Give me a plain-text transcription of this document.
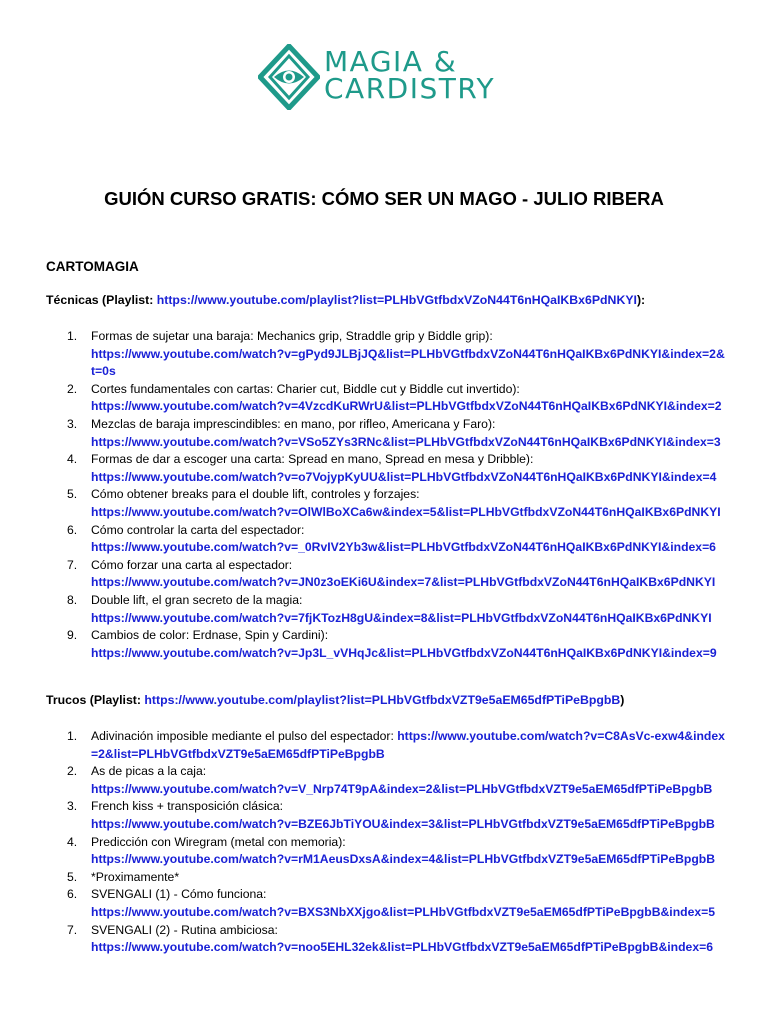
MAGIA &
CARDISTRY
GUIÓN CURSO GRATIS: CÓMO SER UN MAGO - JULIO RIBERA
CARTOMAGIA
Técnicas (Playlist: https://www.youtube.com/playlist?list=PLHbVGtfbdxVZoN44T6nHQaIKBx6PdNKYI):
1. Formas de sujetar una baraja: Mechanics grip, Straddle grip y Biddle grip):
https://www.youtube.com/watch?v=gPyd9JLBjJQ&list=PLHbVGtfbdxVZoN44T6nHQaIKBx6PdNKYI&index=2&t=0s
2. Cortes fundamentales con cartas: Charier cut, Biddle cut y Biddle cut invertido):
https://www.youtube.com/watch?v=4VzcdKuRWrU&list=PLHbVGtfbdxVZoN44T6nHQaIKBx6PdNKYI&index=2
3. Mezclas de baraja imprescindibles: en mano, por rifleo, Americana y Faro):
https://www.youtube.com/watch?v=VSo5ZYs3RNc&list=PLHbVGtfbdxVZoN44T6nHQaIKBx6PdNKYI&index=3
4. Formas de dar a escoger una carta: Spread en mano, Spread en mesa y Dribble):
https://www.youtube.com/watch?v=o7VojypKyUU&list=PLHbVGtfbdxVZoN44T6nHQaIKBx6PdNKYI&index=4
5. Cómo obtener breaks para el double lift, controles y forzajes:
https://www.youtube.com/watch?v=OlWlBoXCa6w&index=5&list=PLHbVGtfbdxVZoN44T6nHQaIKBx6PdNKYI
6. Cómo controlar la carta del espectador:
https://www.youtube.com/watch?v=_0RvIV2Yb3w&list=PLHbVGtfbdxVZoN44T6nHQaIKBx6PdNKYI&index=6
7. Cómo forzar una carta al espectador:
https://www.youtube.com/watch?v=JN0z3oEKi6U&index=7&list=PLHbVGtfbdxVZoN44T6nHQaIKBx6PdNKYI
8. Double lift, el gran secreto de la magia:
https://www.youtube.com/watch?v=7fjKTozH8gU&index=8&list=PLHbVGtfbdxVZoN44T6nHQaIKBx6PdNKYI
9. Cambios de color: Erdnase, Spin y Cardini):
https://www.youtube.com/watch?v=Jp3L_vVHqJc&list=PLHbVGtfbdxVZoN44T6nHQaIKBx6PdNKYI&index=9
Trucos (Playlist: https://www.youtube.com/playlist?list=PLHbVGtfbdxVZT9e5aEM65dfPTiPeBpgbB)
1. Adivinación imposible mediante el pulso del espectador: https://www.youtube.com/watch?v=C8AsVc-exw4&index=2&list=PLHbVGtfbdxVZT9e5aEM65dfPTiPeBpgbB
2. As de picas a la caja:
https://www.youtube.com/watch?v=V_Nrp74T9pA&index=2&list=PLHbVGtfbdxVZT9e5aEM65dfPTiPeBpgbB
3. French kiss + transposición clásica:
https://www.youtube.com/watch?v=BZE6JbTiYOU&index=3&list=PLHbVGtfbdxVZT9e5aEM65dfPTiPeBpgbB
4. Predicción con Wiregram (metal con memoria):
https://www.youtube.com/watch?v=rM1AeusDxsA&index=4&list=PLHbVGtfbdxVZT9e5aEM65dfPTiPeBpgbB
5. *Proximamente*
6. SVENGALI (1) - Cómo funciona:
https://www.youtube.com/watch?v=BXS3NbXXjgo&list=PLHbVGtfbdxVZT9e5aEM65dfPTiPeBpgbB&index=5
7. SVENGALI (2) - Rutina ambiciosa:
https://www.youtube.com/watch?v=noo5EHL32ek&list=PLHbVGtfbdxVZT9e5aEM65dfPTiPeBpgbB&index=6
